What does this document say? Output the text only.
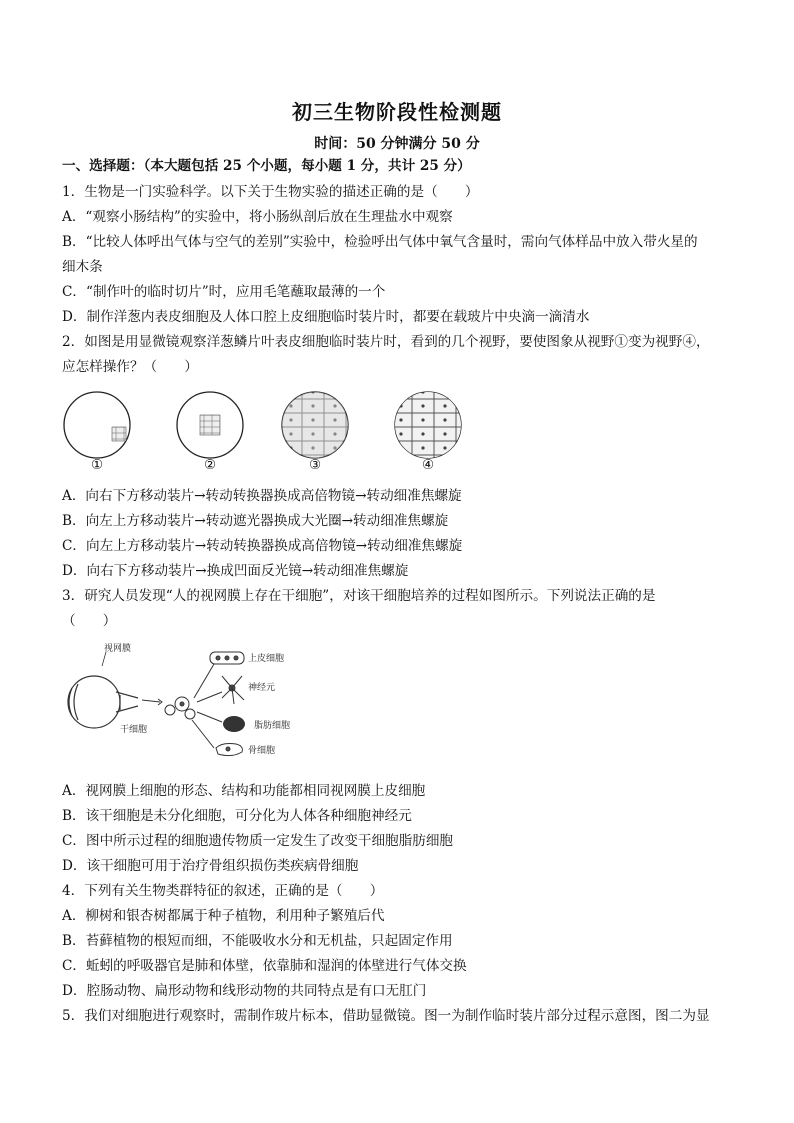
初三生物阶段性检测题
时间：50 分钟满分 50 分
一、选择题：（本大题包括 25 个小题，每小题 1 分，共计 25 分）
1．生物是一门实验科学。以下关于生物实验的描述正确的是（　　）
A．“观察小肠结构”的实验中，将小肠纵剖后放在生理盐水中观察
B．“比较人体呼出气体与空气的差别”实验中，检验呼出气体中氧气含量时，需向气体样品中放入带火星的
细木条
C．“制作叶的临时切片”时，应用毛笔蘸取最薄的一个
D．制作洋葱内表皮细胞及人体口腔上皮细胞临时装片时，都要在载玻片中央滴一滴清水
2．如图是用显微镜观察洋葱鳞片叶表皮细胞临时装片时，看到的几个视野，要使图象从视野①变为视野④，
应怎样操作？（　　）
①	②	③	④
A．向右下方移动装片→转动转换器换成高倍物镜→转动细准焦螺旋
B．向左上方移动装片→转动遮光器换成大光圈→转动细准焦螺旋
C．向左上方移动装片→转动转换器换成高倍物镜→转动细准焦螺旋
D．向右下方移动装片→换成凹面反光镜→转动细准焦螺旋
3．研究人员发现“人的视网膜上存在干细胞”，对该干细胞培养的过程如图所示。下列说法正确的是
（　　）
视网膜
干细胞
上皮细胞
神经元
脂肪细胞
骨细胞
A．视网膜上细胞的形态、结构和功能都相同视网膜上皮细胞
B．该干细胞是未分化细胞，可分化为人体各种细胞神经元
C．图中所示过程的细胞遗传物质一定发生了改变干细胞脂肪细胞
D．该干细胞可用于治疗骨组织损伤类疾病骨细胞
4．下列有关生物类群特征的叙述，正确的是（　　）
A．柳树和银杏树都属于种子植物，利用种子繁殖后代
B．苔藓植物的根短而细，不能吸收水分和无机盐，只起固定作用
C．蚯蚓的呼吸器官是肺和体壁，依靠肺和湿润的体壁进行气体交换
D．腔肠动物、扁形动物和线形动物的共同特点是有口无肛门
5．我们对细胞进行观察时，需制作玻片标本，借助显微镜。图一为制作临时装片部分过程示意图，图二为显
